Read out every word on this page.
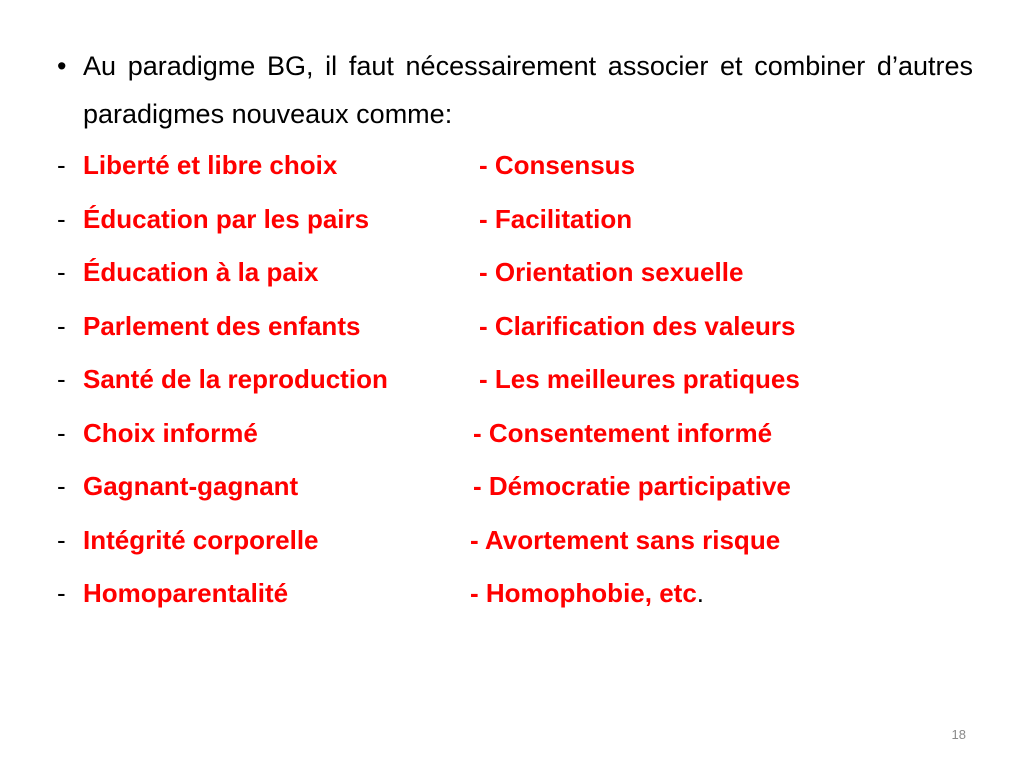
• Au paradigme BG, il faut nécessairement associer et combiner d’autres paradigmes nouveaux comme:
- Liberté et libre choix	- Consensus
- Éducation par les pairs	- Facilitation
- Éducation à la paix	- Orientation sexuelle
- Parlement des enfants	- Clarification des valeurs
- Santé de la reproduction	- Les meilleures pratiques
- Choix informé	- Consentement informé
- Gagnant-gagnant	- Démocratie participative
- Intégrité corporelle	- Avortement sans risque
- Homoparentalité	- Homophobie, etc.
18
